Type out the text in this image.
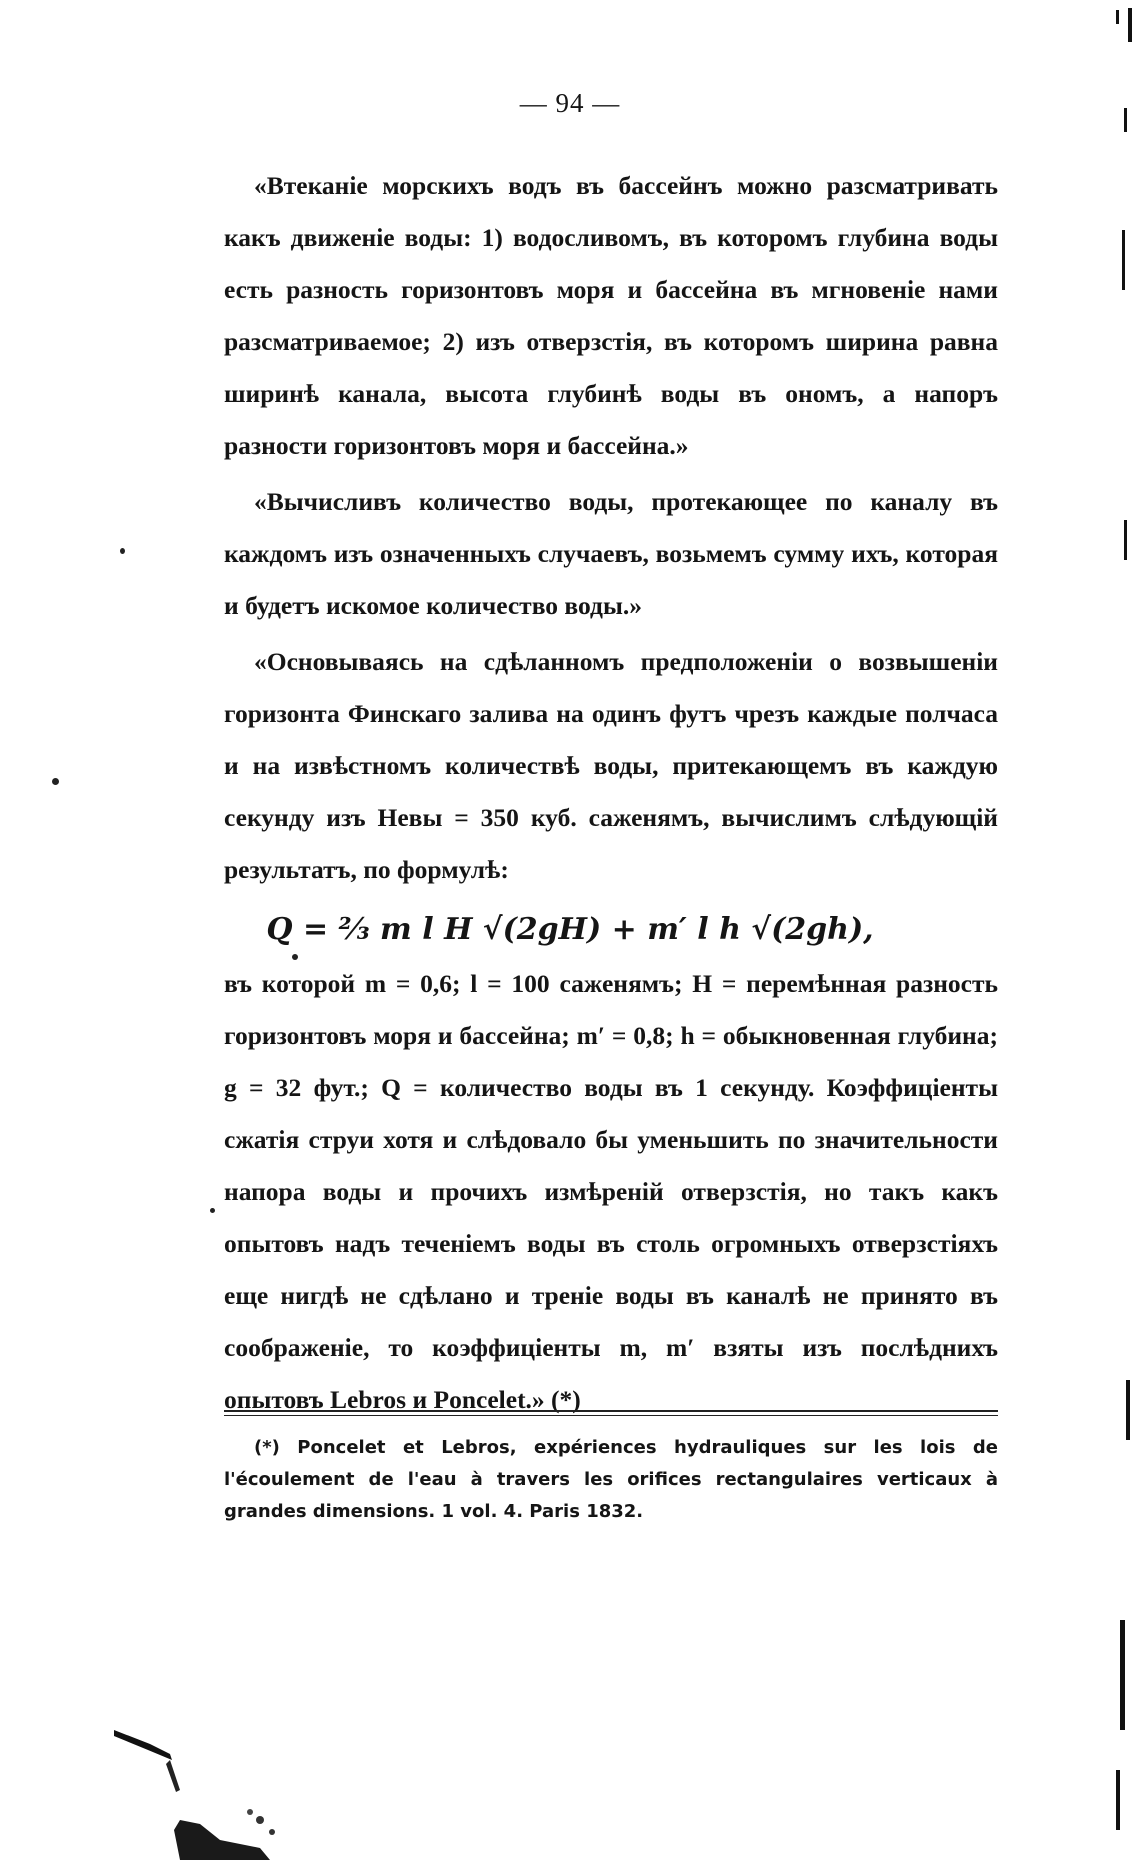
— 94 —

«Втеканіе морскихъ водъ въ бассейнъ можно разсматривать какъ движеніе воды: 1) водосливомъ, въ которомъ глубина воды есть разность горизонтовъ моря и бассейна въ мгновеніе нами разсматриваемое; 2) изъ отверзстія, въ которомъ ширина равна ширинѣ канала, высота глубинѣ воды въ ономъ, а напоръ разности горизонтовъ моря и бассейна.»

«Вычисливъ количество воды, протекающее по каналу въ каждомъ изъ означенныхъ случаевъ, возьмемъ сумму ихъ, которая и будетъ искомое количество воды.»

«Основываясь на сдѣланномъ предположеніи о возвышеніи горизонта Финскаго залива на одинъ футъ чрезъ каждые полчаса и на извѣстномъ количествѣ воды, притекающемъ въ каждую секунду изъ Невы = 350 куб. саженямъ, вычислимъ слѣдующій результатъ, по формулѣ:

Q = ⅔ m l H √(2gH) + m′ l h √(2gh),

въ которой m = 0,6; l = 100 саженямъ; H = перемѣнная разность горизонтовъ моря и бассейна; m′ = 0,8; h = обыкновенная глубина; g = 32 фут.; Q = количество воды въ 1 секунду. Коэффиціенты сжатія струи хотя и слѣдовало бы уменьшить по значительности напора воды и прочихъ измѣреній отверзстія, но такъ какъ опытовъ надъ теченіемъ воды въ столь огромныхъ отверзстіяхъ еще нигдѣ не сдѣлано и треніе воды въ каналѣ не принято въ соображеніе, то коэффиціенты m, m′ взяты изъ послѣднихъ опытовъ Lebros и Poncelet.» (*)

(*) Poncelet et Lebros, expériences hydrauliques sur les lois de l'écoulement de l'eau à travers les orifices rectangulaires verticaux à grandes dimensions. 1 vol. 4. Paris 1832.
